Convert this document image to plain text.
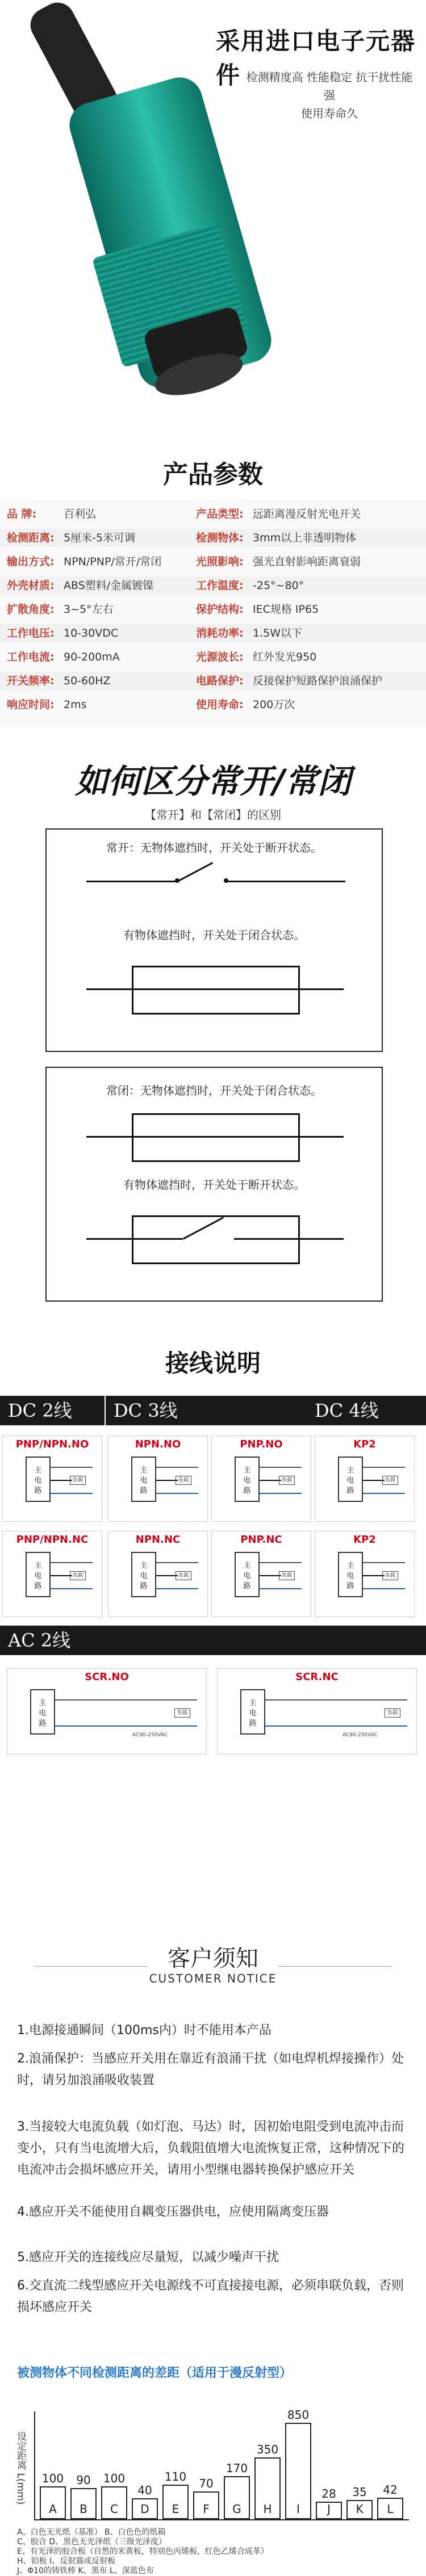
采用进口电子元器件 检测精度高 性能稳定 抗干扰性能强
使用寿命久
产品参数
品 牌:	百利弘	产品类型: 远距离漫反射光电开关
检测距离: 5厘米-5米可调	检测物体: 3mm以上非透明物体
输出方式: NPN/PNP/常开/常闭	光照影响: 强光直射影响距离衰弱
外壳材质: ABS塑料/金属镀镍	工作温度: -25°~80°
扩散角度: 3~5°左右	保护结构: IEC规格 IP65
工作电压: 10-30VDC	消耗功率: 1.5W以下
工作电流: 90-200mA	光源波长: 红外发光950
开关频率: 50-60HZ	电路保护: 反接保护短路保护浪涌保护
响应时间: 2ms	使用寿命: 200万次
如何区分常开/常闭
【常开】和【常闭】的区别
常开：无物体遮挡时，开关处于断开状态。
有物体遮挡时，开关处于闭合状态。
常闭：无物体遮挡时，开关处于闭合状态。
有物体遮挡时，开关处于断开状态。
接线说明
DC 2线	DC 3线	DC 4线
PNP/NPN.NO
主
电
路
负载
NPN.NO
主
电
路
负载
PNP.NO
主
电
路
负载
KP2
主
电
路
负载
PNP/NPN.NC
主
电
路
负载
NPN.NC
主
电
路
负载
PNP.NC
主
电
路
负载
KP2
主
电
路
负载
AC 2线
SCR.NO
主
电
路
负载
AC90-250VAC
SCR.NC
主
电
路
负载
AC90-250VAC
客户须知
CUSTOMER NOTICE
1.电源接通瞬间（100ms内）时不能用本产品
2.浪涌保护：当感应开关用在靠近有浪涌干扰（如电焊机焊接操作）处时，请另加浪涌吸收装置
3.当接较大电流负载（如灯泡、马达）时，因初始电阻受到电流冲击而变小，只有当电流增大后，负载阻值增大电流恢复正常，这种情况下的电流冲击会损坏感应开关，请用小型继电器转换保护感应开关
4.感应开关不能使用自耦变压器供电，应使用隔离变压器
5.感应开关的连接线应尽量短，以减少噪声干扰
6.交直流二线型感应开关电源线不可直接接电源，必须串联负载，否则损坏感应开关
被测物体不同检测距离的差距（适用于漫反射型）
设定距离 L(mm) 100
A
90
B
100
C
40
D
110
E
70
F
170
G
350
H
850
I
28
J
35
K
42
L
A、白色无光纸（基准） B、白色色的纸箱
C、胶合 D、黑色无光泽纸（三级光泽度）
E、有光泽的胶合板（自然的米黄板，特别色丙烯板，红色乙烯合成革）
H、铝板 I、反射器或反射板
J、Φ10的铸铁棒 K、黑布 L、深蓝色布
